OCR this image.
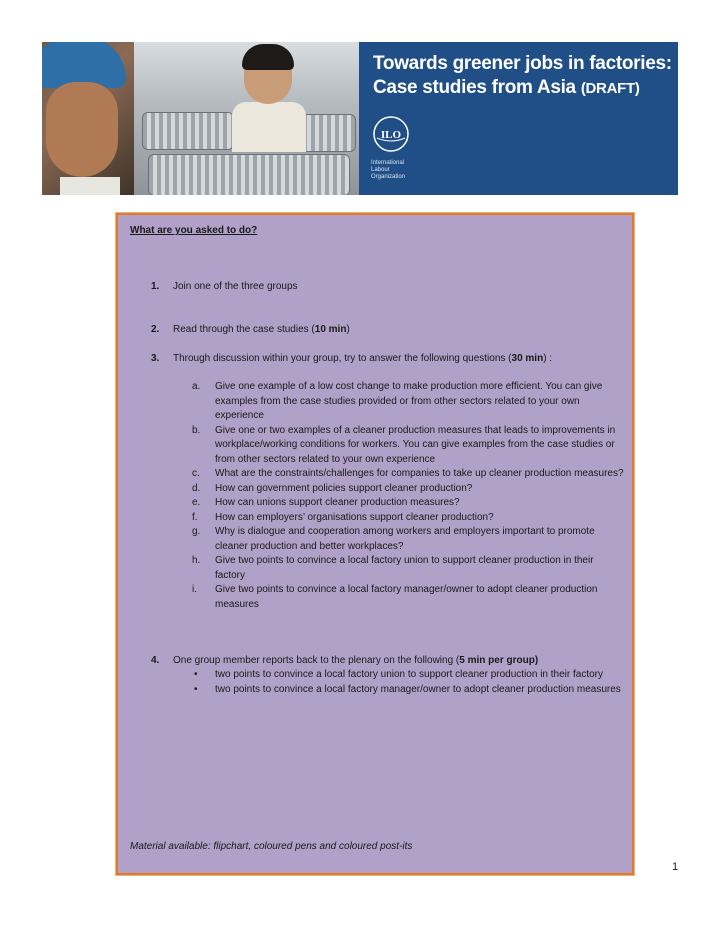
Towards greener jobs in factories:
Case studies from Asia (DRAFT)
ILO
International
Labour
Organization
What are you asked to do?
1. Join one of the three groups
2. Read through the case studies (10 min)
3. Through discussion within your group, try to answer the following questions (30 min) :
a. Give one example of a low cost change to make production more efficient. You can give examples from the case studies provided or from other sectors related to your own experience
b. Give one or two examples of a cleaner production measures that leads to improvements in workplace/working conditions for workers. You can give examples from the case studies or from other sectors related to your own experience
c. What are the constraints/challenges for companies to take up cleaner production measures?
d. How can government policies support cleaner production?
e. How can unions support cleaner production measures?
f. How can employers’ organisations support cleaner production?
g. Why is dialogue and cooperation among workers and employers important to promote cleaner production and better workplaces?
h. Give two points to convince a local factory union to support cleaner production in their factory
i. Give two points to convince a local factory manager/owner to adopt cleaner production measures
4. One group member reports back to the plenary on the following (5 min per group)
• two points to convince a local factory union to support cleaner production in their factory
• two points to convince a local factory manager/owner to adopt cleaner production measures
Material available: flipchart, coloured pens and coloured post-its
1
